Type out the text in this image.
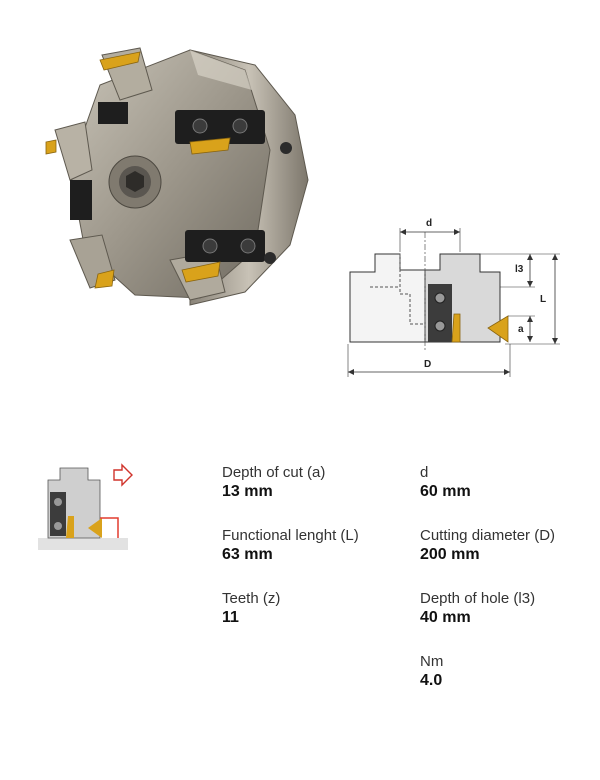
d
l3
L
a
D
Depth of cut (a)
13 mm
d
60 mm
Functional lenght (L)
63 mm
Cutting diameter (D)
200 mm
Teeth (z)
11
Depth of hole (l3)
40 mm
Nm
4.0
